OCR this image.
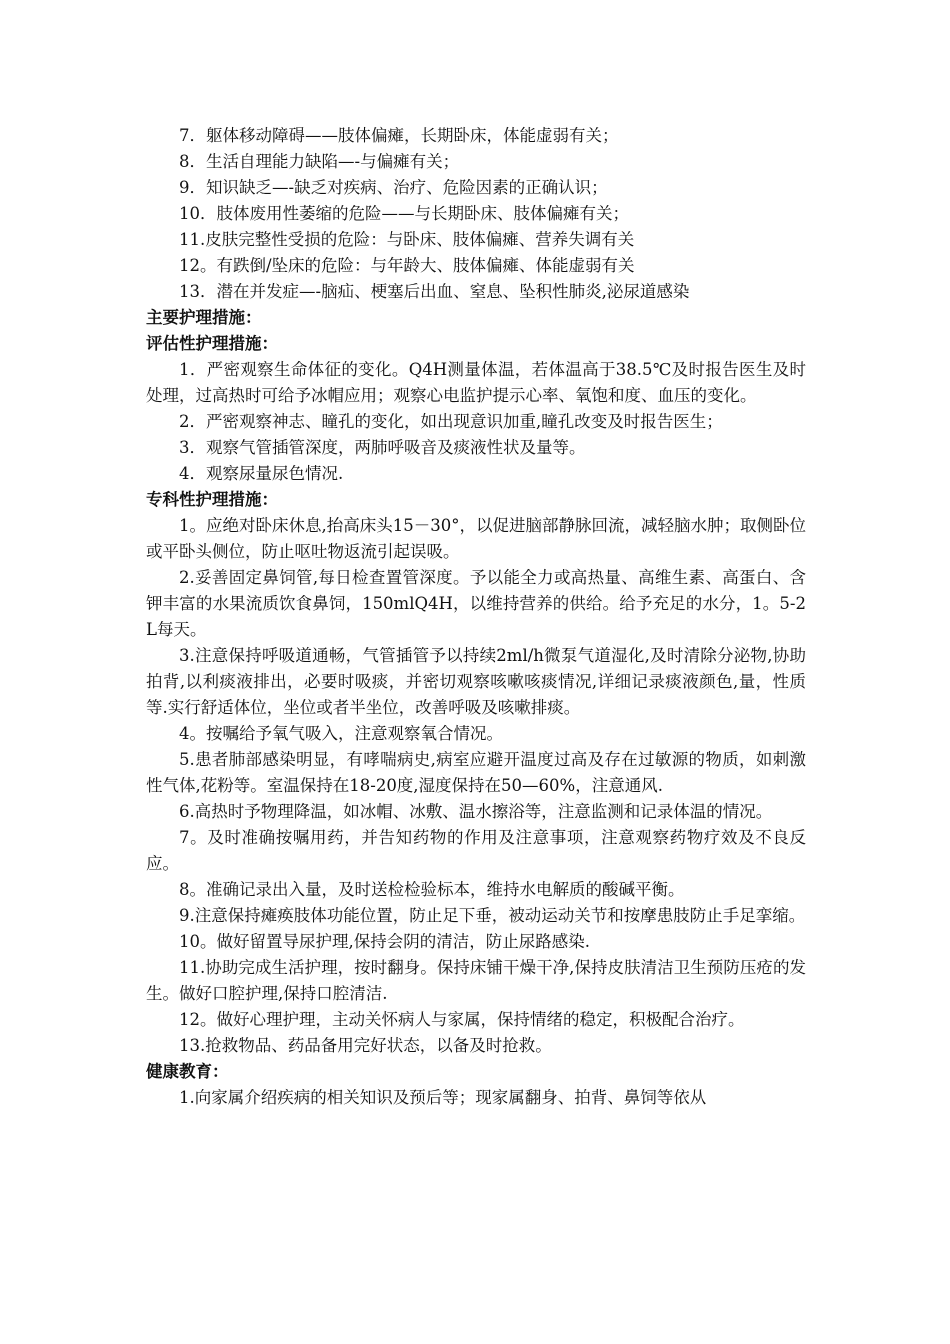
7．躯体移动障碍——肢体偏瘫，长期卧床，体能虚弱有关；

8．生活自理能力缺陷—-与偏瘫有关；

9．知识缺乏—-缺乏对疾病、治疗、危险因素的正确认识；

10．肢体废用性萎缩的危险——与长期卧床、肢体偏瘫有关；

11.皮肤完整性受损的危险：与卧床、肢体偏瘫、营养失调有关

12。有跌倒/坠床的危险：与年龄大、肢体偏瘫、体能虚弱有关

13．潜在并发症—-脑疝、梗塞后出血、窒息、坠积性肺炎,泌尿道感染

主要护理措施：

评估性护理措施：

1．严密观察生命体征的变化。Q4H测量体温，若体温高于38.5℃及时报告医生及时处理，过高热时可给予冰帽应用；观察心电监护提示心率、氧饱和度、血压的变化。

2．严密观察神志、瞳孔的变化，如出现意识加重,瞳孔改变及时报告医生；

3．观察气管插管深度，两肺呼吸音及痰液性状及量等。

4．观察尿量尿色情况.

专科性护理措施：

1。应绝对卧床休息,抬高床头15－30°，以促进脑部静脉回流，减轻脑水肿；取侧卧位或平卧头侧位，防止呕吐物返流引起误吸。

2.妥善固定鼻饲管,每日检查置管深度。予以能全力或高热量、高维生素、高蛋白、含钾丰富的水果流质饮食鼻饲，150mlQ4H，以维持营养的供给。给予充足的水分，1。5-2L每天。

3.注意保持呼吸道通畅，气管插管予以持续2ml/h微泵气道湿化,及时清除分泌物,协助拍背,以利痰液排出，必要时吸痰，并密切观察咳嗽咳痰情况,详细记录痰液颜色,量，性质等.实行舒适体位，坐位或者半坐位，改善呼吸及咳嗽排痰。

4。按嘱给予氧气吸入，注意观察氧合情况。

5.患者肺部感染明显，有哮喘病史,病室应避开温度过高及存在过敏源的物质，如刺激性气体,花粉等。室温保持在18-20度,湿度保持在50—60%，注意通风.

6.高热时予物理降温，如冰帽、冰敷、温水擦浴等，注意监测和记录体温的情况。

7。及时准确按嘱用药，并告知药物的作用及注意事项，注意观察药物疗效及不良反应。

8。准确记录出入量，及时送检检验标本，维持水电解质的酸碱平衡。

9.注意保持瘫痪肢体功能位置，防止足下垂，被动运动关节和按摩患肢防止手足挛缩。

10。做好留置导尿护理,保持会阴的清洁，防止尿路感染.

11.协助完成生活护理，按时翻身。保持床铺干燥干净,保持皮肤清洁卫生预防压疮的发生。做好口腔护理,保持口腔清洁.

12。做好心理护理，主动关怀病人与家属，保持情绪的稳定，积极配合治疗。

13.抢救物品、药品备用完好状态，以备及时抢救。

健康教育：

1.向家属介绍疾病的相关知识及预后等；现家属翻身、拍背、鼻饲等依从
